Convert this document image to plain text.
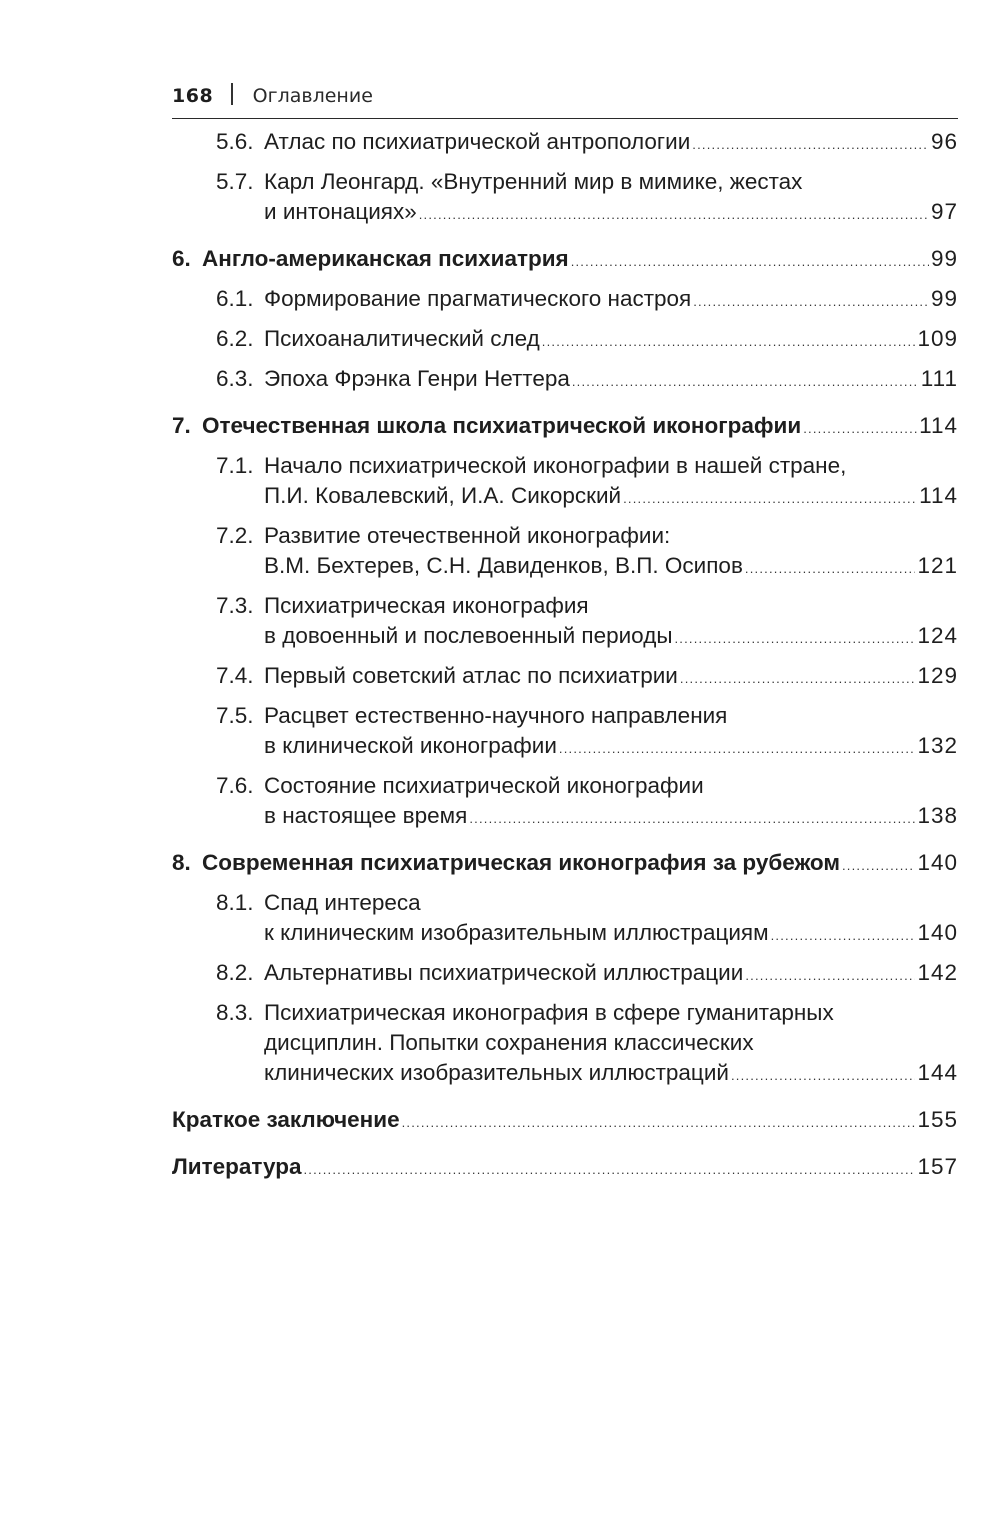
168 Оглавление
5.6. Атлас по психиатрической антропологии .....	96
5.7. Карл Леонгард. «Внутренний мир в мимике, жестах
и интонациях» .....	97
6. Англо-американская психиатрия .....	99
6.1. Формирование прагматического настроя .....	99
6.2. Психоаналитический след .....	109
6.3. Эпоха Фрэнка Генри Неттера .....	111
7. Отечественная школа психиатрической иконографии .....	114
7.1. Начало психиатрической иконографии в нашей стране,
П.И. Ковалевский, И.А. Сикорский .....	114
7.2. Развитие отечественной иконографии:
В.М. Бехтерев, С.Н. Давиденков, В.П. Осипов .....	121
7.3. Психиатрическая иконография
в довоенный и послевоенный периоды .....	124
7.4. Первый советский атлас по психиатрии .....	129
7.5. Расцвет естественно-научного направления
в клинической иконографии .....	132
7.6. Состояние психиатрической иконографии
в настоящее время .....	138
8. Современная психиатрическая иконография за рубежом .....	140
8.1. Спад интереса
к клиническим изобразительным иллюстрациям .....	140
8.2. Альтернативы психиатрической иллюстрации .....	142
8.3. Психиатрическая иконография в сфере гуманитарных
дисциплин. Попытки сохранения классических
клинических изобразительных иллюстраций .....	144
Краткое заключение .....	155
Литература .....	157
